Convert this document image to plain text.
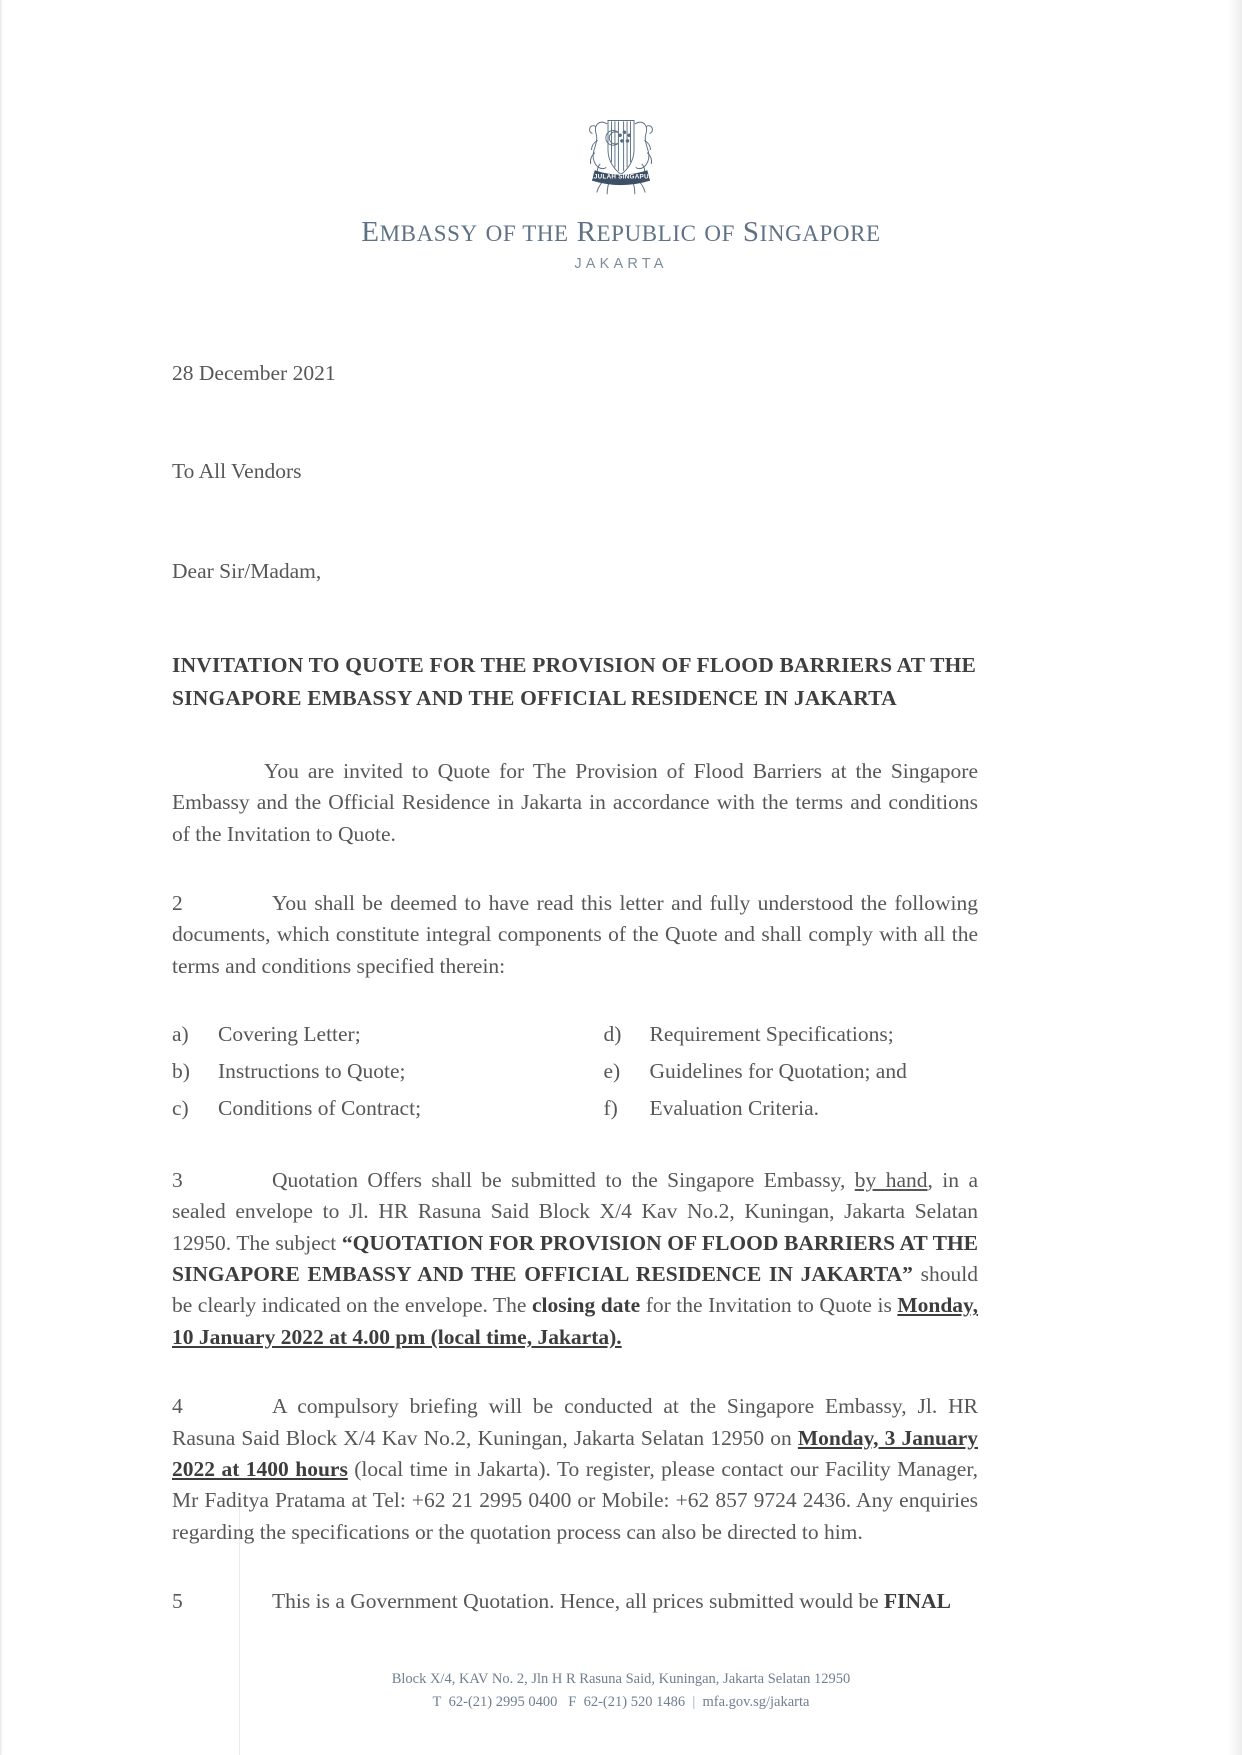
MAJULAH SINGAPURA
EMBASSY OF THE REPUBLIC OF SINGAPORE
JAKARTA
28 December 2021
To All Vendors
Dear Sir/Madam,
INVITATION TO QUOTE FOR THE PROVISION OF FLOOD BARRIERS AT THE SINGAPORE EMBASSY AND THE OFFICIAL RESIDENCE IN JAKARTA

You are invited to Quote for The Provision of Flood Barriers at the Singapore Embassy and the Official Residence in Jakarta in accordance with the terms and conditions of the Invitation to Quote.

2	You shall be deemed to have read this letter and fully understood the following documents, which constitute integral components of the Quote and shall comply with all the terms and conditions specified therein:

a)	Covering Letter;
b)	Instructions to Quote;
c)	Conditions of Contract;
d)	Requirement Specifications;
e)	Guidelines for Quotation; and
f)	Evaluation Criteria.

3	Quotation Offers shall be submitted to the Singapore Embassy, by hand, in a sealed envelope to Jl. HR Rasuna Said Block X/4 Kav No.2, Kuningan, Jakarta Selatan 12950. The subject “QUOTATION FOR PROVISION OF FLOOD BARRIERS AT THE SINGAPORE EMBASSY AND THE OFFICIAL RESIDENCE IN JAKARTA” should be clearly indicated on the envelope. The closing date for the Invitation to Quote is Monday, 10 January 2022 at 4.00 pm (local time, Jakarta).

4	A compulsory briefing will be conducted at the Singapore Embassy, Jl. HR Rasuna Said Block X/4 Kav No.2, Kuningan, Jakarta Selatan 12950 on Monday, 3 January 2022 at 1400 hours (local time in Jakarta). To register, please contact our Facility Manager, Mr Faditya Pratama at Tel: +62 21 2995 0400 or Mobile: +62 857 9724 2436. Any enquiries regarding the specifications or the quotation process can also be directed to him.

5	This is a Government Quotation. Hence, all prices submitted would be FINAL

Block X/4, KAV No. 2, Jln H R Rasuna Said, Kuningan, Jakarta Selatan 12950
T 62-(21) 2995 0400 F 62-(21) 520 1486 | mfa.gov.sg/jakarta
